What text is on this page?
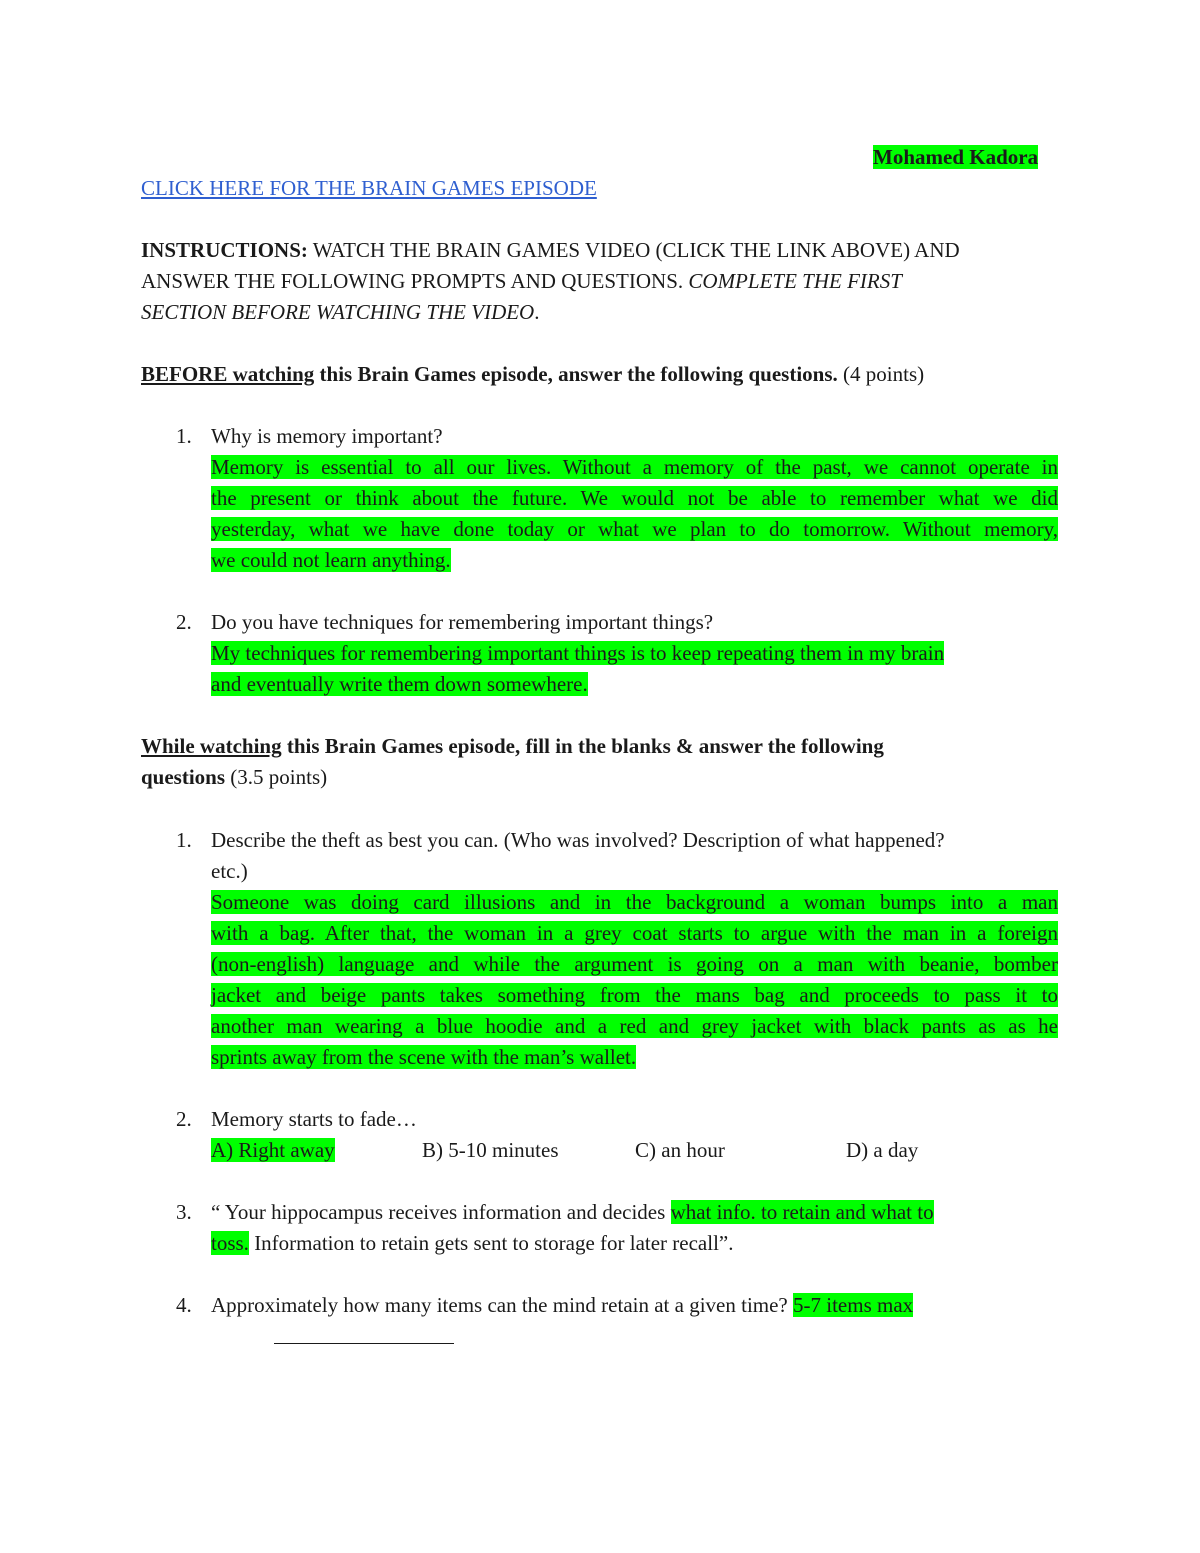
Mohamed Kadora
CLICK HERE FOR THE BRAIN GAMES EPISODE
INSTRUCTIONS: WATCH THE BRAIN GAMES VIDEO (CLICK THE LINK ABOVE) AND
ANSWER THE FOLLOWING PROMPTS AND QUESTIONS. COMPLETE THE FIRST
SECTION BEFORE WATCHING THE VIDEO.
BEFORE watching this Brain Games episode, answer the following questions. (4 points)
1. Why is memory important?
Memory is essential to all our lives. Without a memory of the past, we cannot operate in
the present or think about the future. We would not be able to remember what we did
yesterday, what we have done today or what we plan to do tomorrow. Without memory,
we could not learn anything.
2. Do you have techniques for remembering important things?
My techniques for remembering important things is to keep repeating them in my brain
and eventually write them down somewhere.
While watching this Brain Games episode, fill in the blanks & answer the following
questions (3.5 points)
1. Describe the theft as best you can. (Who was involved? Description of what happened?
etc.)
Someone was doing card illusions and in the background a woman bumps into a man
with a bag. After that, the woman in a grey coat starts to argue with the man in a foreign
(non-english) language and while the argument is going on a man with beanie, bomber
jacket and beige pants takes something from the mans bag and proceeds to pass it to
another man wearing a blue hoodie and a red and grey jacket with black pants as as he
sprints away from the scene with the man’s wallet.
2. Memory starts to fade…
A) Right away	B) 5-10 minutes	C) an hour	D) a day
3. “ Your hippocampus receives information and decides what info. to retain and what to
toss. Information to retain gets sent to storage for later recall”.
4. Approximately how many items can the mind retain at a given time? 5-7 items max
